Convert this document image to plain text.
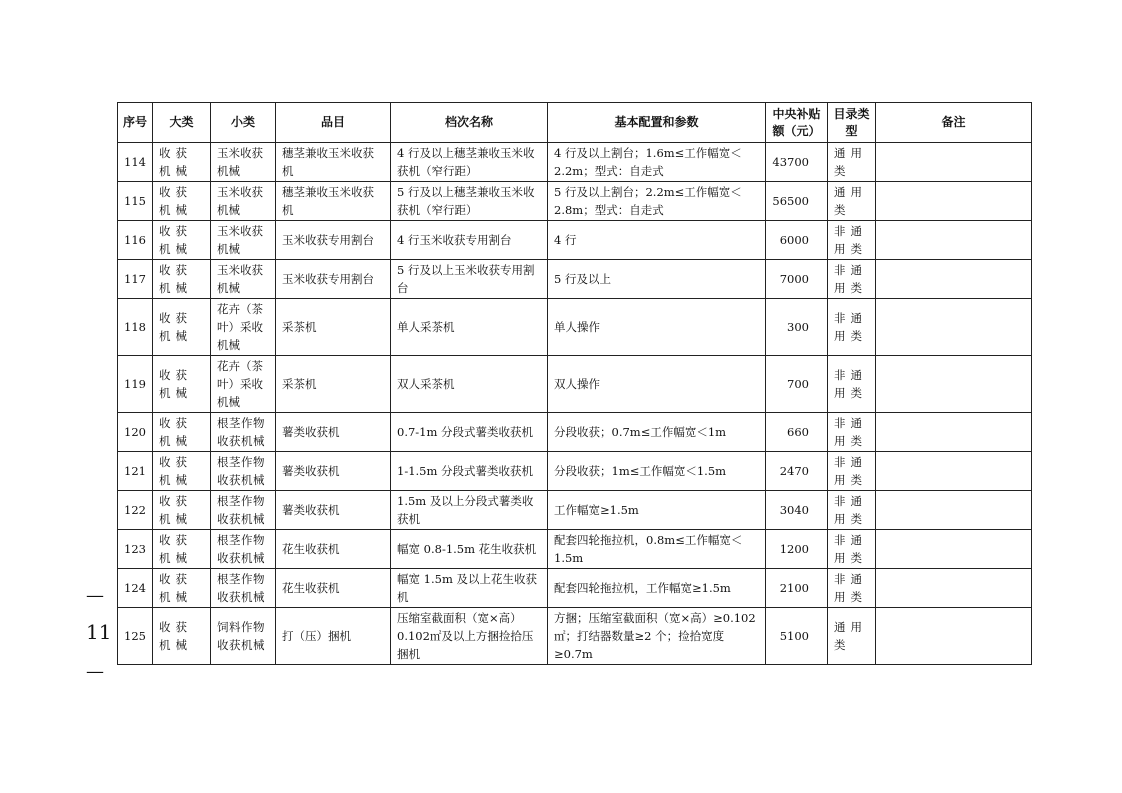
序号	大类	小类	品目	档次名称	基本配置和参数	中央补贴额（元）	目录类型	备注
114	收获机械	玉米收获机械	穗茎兼收玉米收获机	4 行及以上穗茎兼收玉米收获机（窄行距）	4 行及以上割台；1.6m≤工作幅宽＜2.2m；型式：自走式	43700	通用类	
115	收获机械	玉米收获机械	穗茎兼收玉米收获机	5 行及以上穗茎兼收玉米收获机（窄行距）	5 行及以上割台；2.2m≤工作幅宽＜2.8m；型式：自走式	56500	通用类	
116	收获机械	玉米收获机械	玉米收获专用割台	4 行玉米收获专用割台	4 行	6000	非通用类	
117	收获机械	玉米收获机械	玉米收获专用割台	5 行及以上玉米收获专用割台	5 行及以上	7000	非通用类	
118	收获机械	花卉（茶叶）采收机械	采茶机	单人采茶机	单人操作	300	非通用类	
119	收获机械	花卉（茶叶）采收机械	采茶机	双人采茶机	双人操作	700	非通用类	
120	收获机械	根茎作物收获机械	薯类收获机	0.7-1m 分段式薯类收获机	分段收获；0.7m≤工作幅宽＜1m	660	非通用类	
121	收获机械	根茎作物收获机械	薯类收获机	1-1.5m 分段式薯类收获机	分段收获；1m≤工作幅宽＜1.5m	2470	非通用类	
122	收获机械	根茎作物收获机械	薯类收获机	1.5m 及以上分段式薯类收获机	工作幅宽≥1.5m	3040	非通用类	
123	收获机械	根茎作物收获机械	花生收获机	幅宽 0.8-1.5m 花生收获机	配套四轮拖拉机，0.8m≤工作幅宽＜1.5m	1200	非通用类	
124	收获机械	根茎作物收获机械	花生收获机	幅宽 1.5m 及以上花生收获机	配套四轮拖拉机，工作幅宽≥1.5m	2100	非通用类	
125	收获机械	饲料作物收获机械	打（压）捆机	压缩室截面积（宽×高）0.102㎡及以上方捆捡拾压捆机	方捆；压缩室截面积（宽×高）≥0.102㎡；打结器数量≥2 个；捡拾宽度≥0.7m	5100	通用类	
—
11
—
